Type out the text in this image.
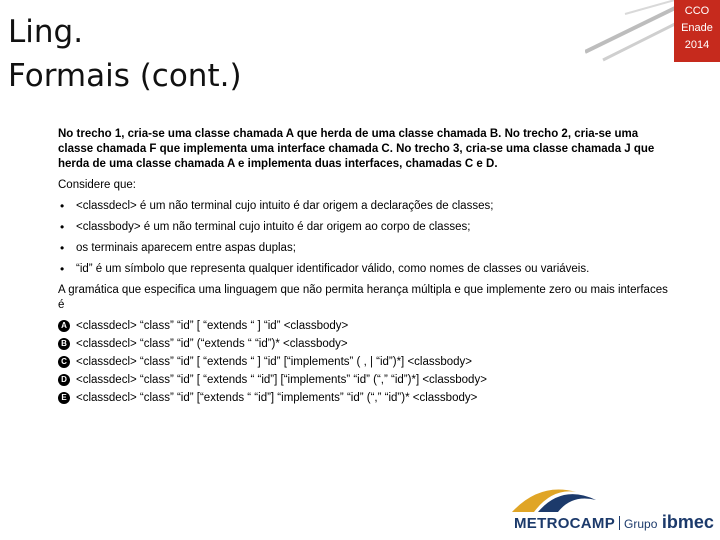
Ling.
Formais (cont.)
CCO
Enade
2014

No trecho 1, cria-se uma classe chamada A que herda de uma classe chamada B. No trecho 2, cria-se uma classe chamada F que implementa uma interface chamada C. No trecho 3, cria-se uma classe chamada J que herda de uma classe chamada A e implementa duas interfaces, chamadas C e D.

Considere que:

• <classdecl> é um não terminal cujo intuito é dar origem a declarações de classes;
• <classbody> é um não terminal cujo intuito é dar origem ao corpo de classes;
• os terminais aparecem entre aspas duplas;
• “id” é um símbolo que representa qualquer identificador válido, como nomes de classes ou variáveis.

A gramática que especifica uma linguagem que não permita herança múltipla e que implemente zero ou mais interfaces é

A <classdecl> “class” “id” [ “extends “ ] “id” <classbody>
B <classdecl> “class” “id” (“extends “ “id”)* <classbody>
C <classdecl> “class” “id” [ “extends “ ] “id” [“implements” ( , | “id”)*] <classbody>
D <classdecl> “class” “id” [ “extends “ “id”] [“implements” “id” (“,” “id”)*] <classbody>
E <classdecl> “class” “id” [“extends “ “id”] “implements” “id” (“,” “id”)* <classbody>
METROCAMP Grupo ibmec
